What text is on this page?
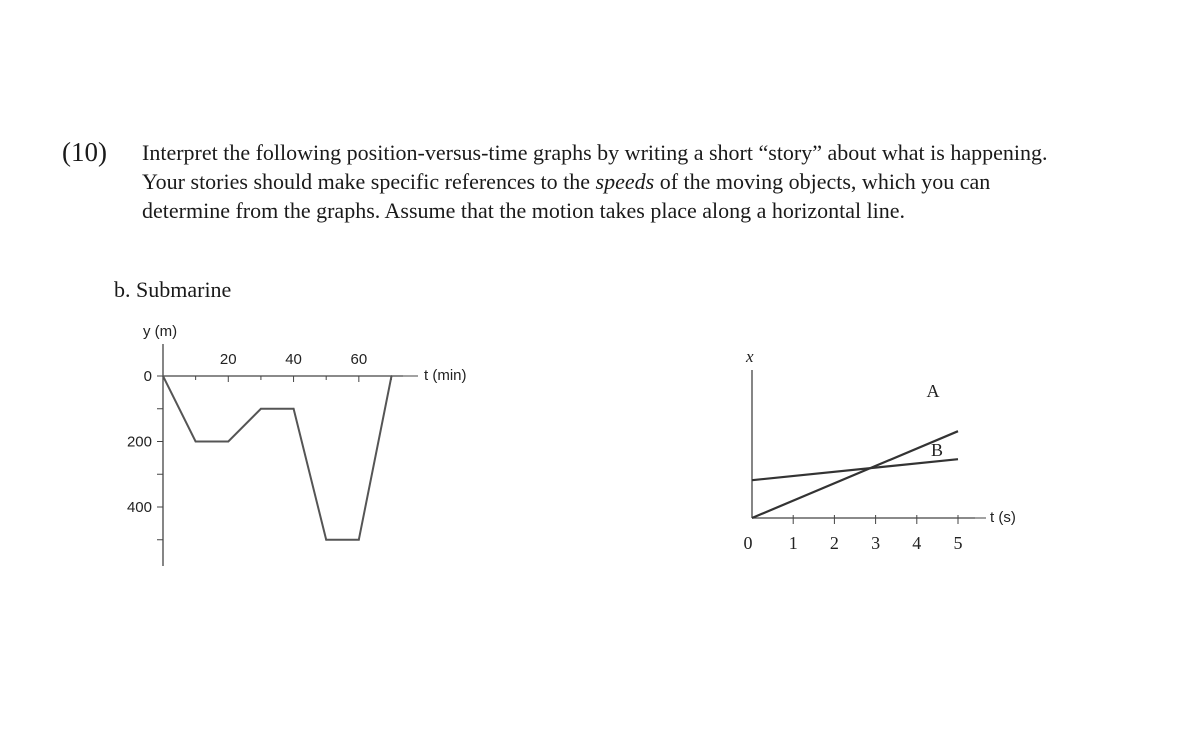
(10) Interpret the following position-versus-time graphs by writing a short “story” about what is happening.
Your stories should make specific references to the speeds of the moving objects, which you can
determine from the graphs. Assume that the motion takes place along a horizontal line.
b. Submarine
20	40	60
0
200
400
y (m)
t (min)
0 1 2 3 4 5
x
t (s)
A
B
